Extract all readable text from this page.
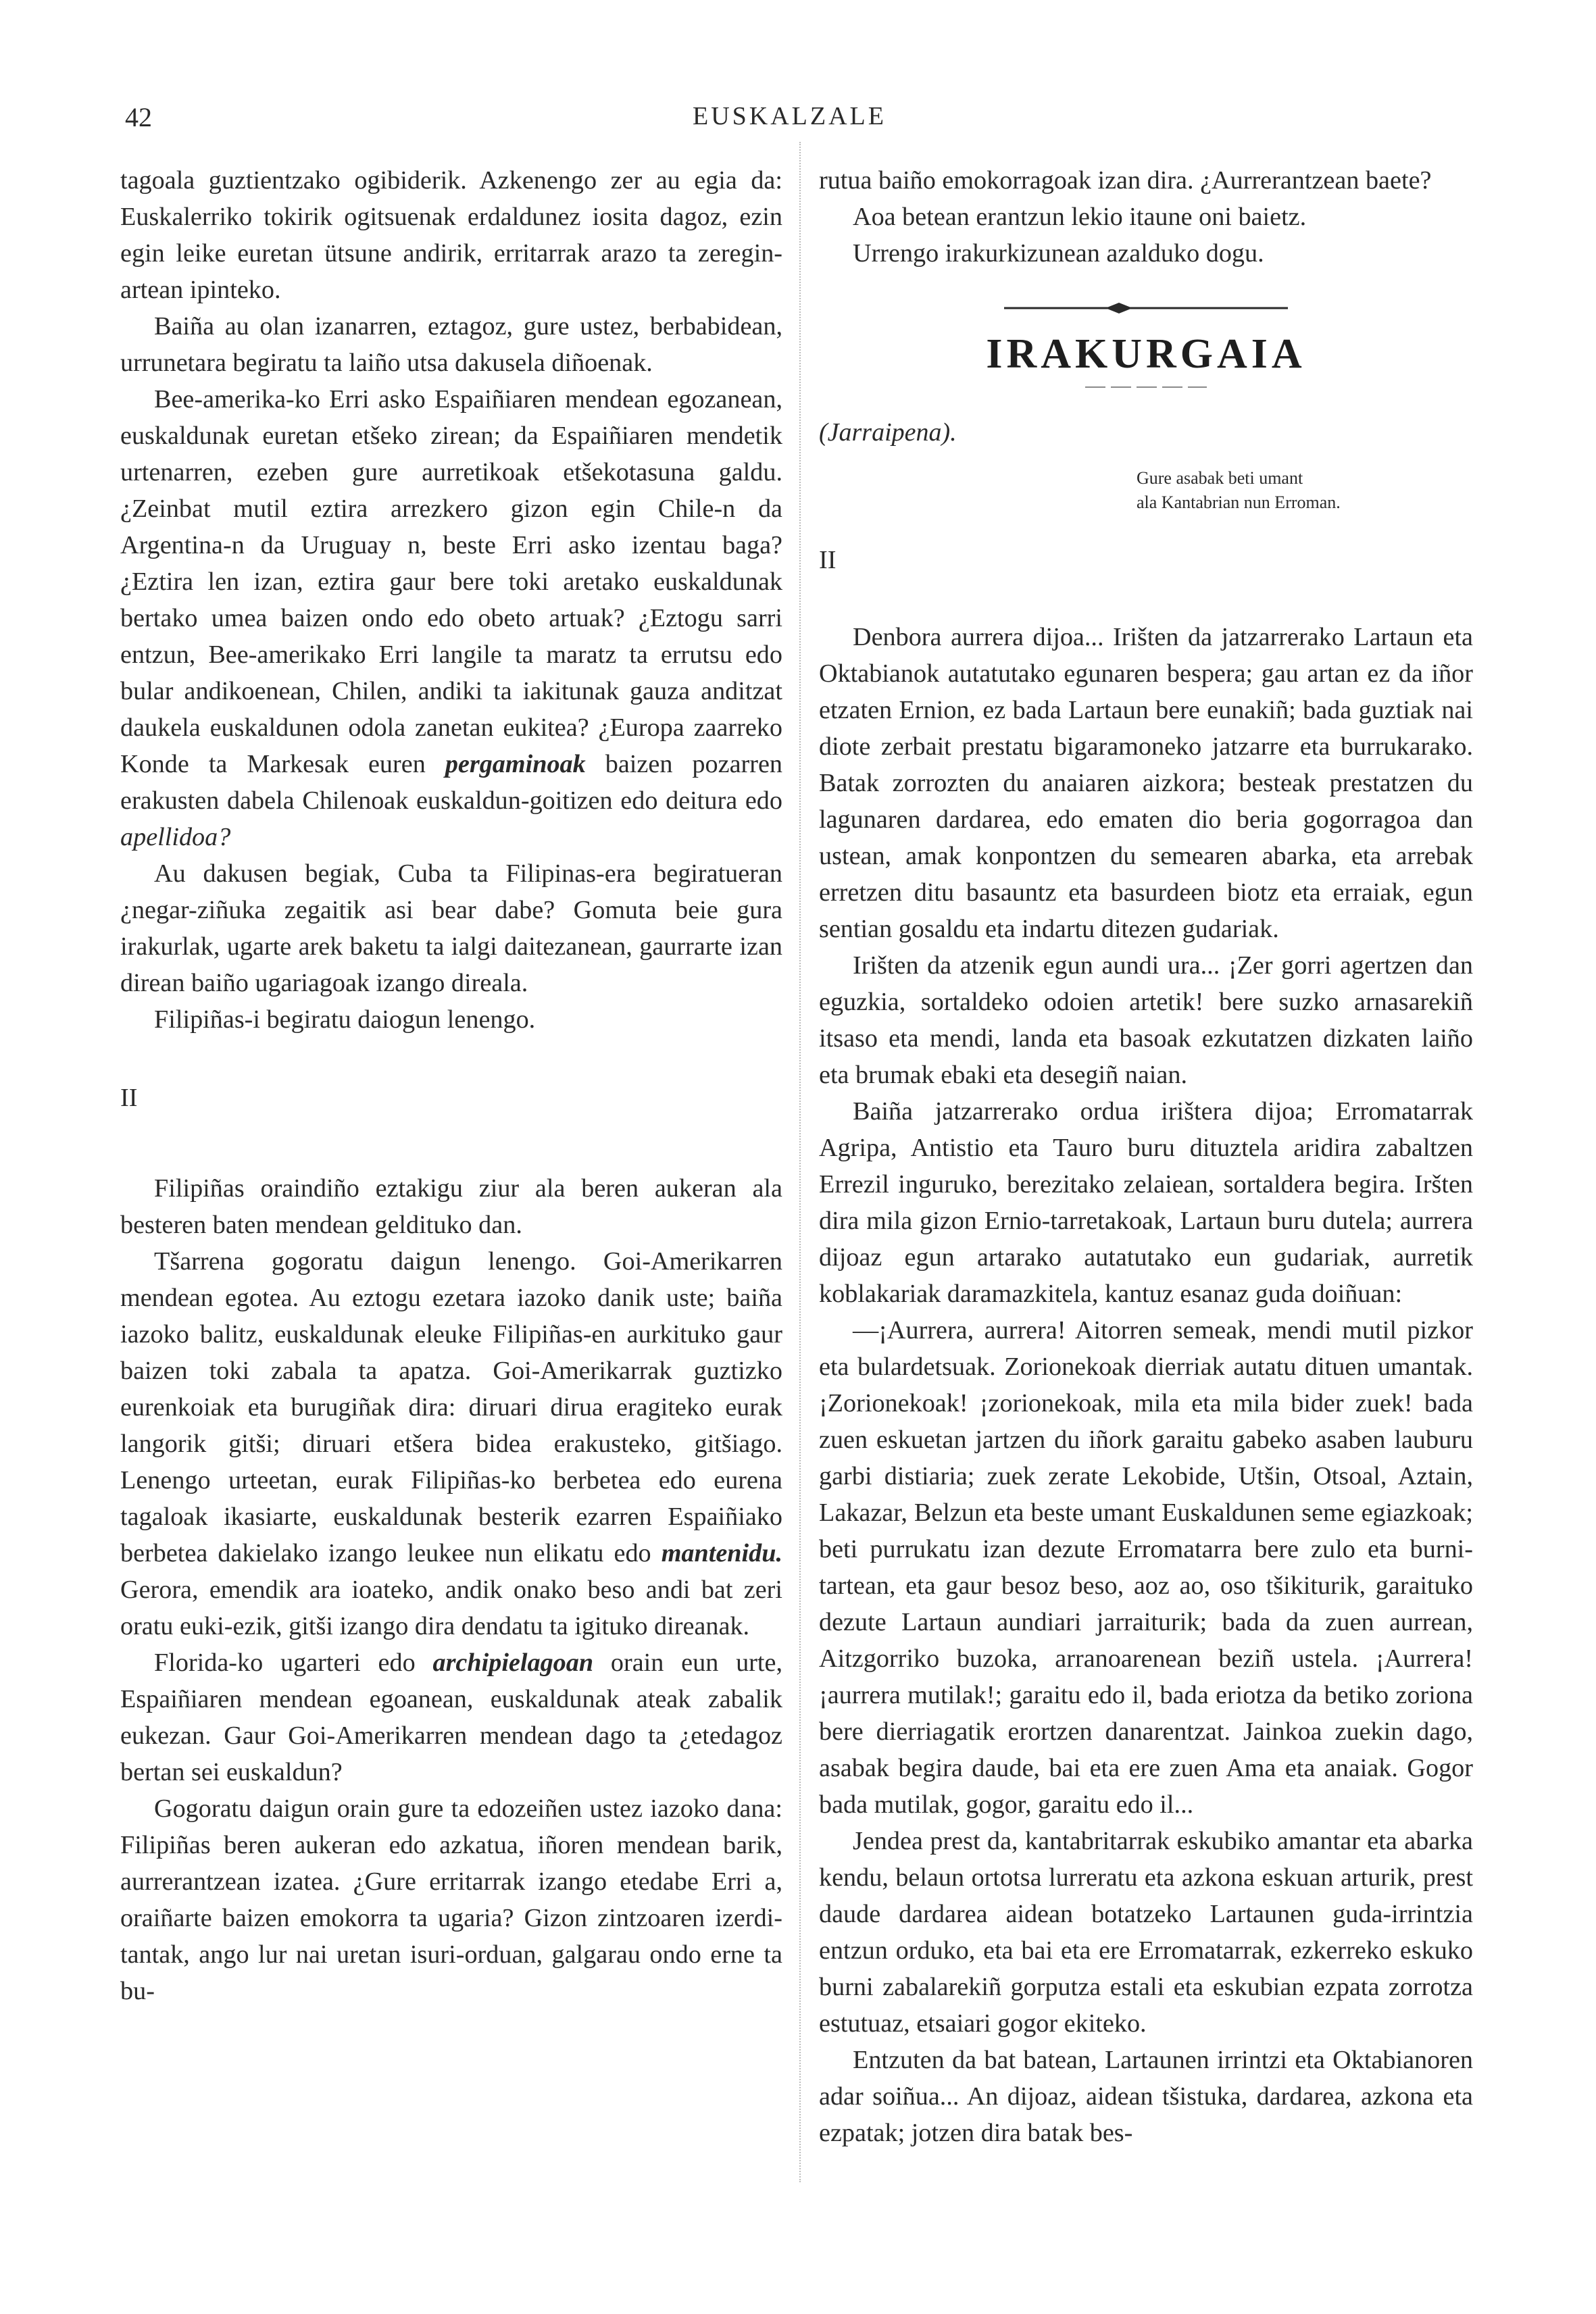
42	EUSKALZALE

tagoala guztientzako ogibiderik. Azkenengo zer au egia da: Euskalerriko tokirik ogitsuenak erdaldunez iosita dagoz, ezin egin leike euretan ütsune andirik, erritarrak arazo ta zeregin-artean ipinteko.

Baiña au olan izanarren, eztagoz, gure ustez, berbabidean, urrunetara begiratu ta laiño utsa dakusela diñoenak.

Bee-amerika-ko Erri asko Espaiñiaren mendean egozanean, euskaldunak euretan etšeko zirean; da Espaiñiaren mendetik urtenarren, ezeben gure aurretikoak etšekotasuna galdu. ¿Zeinbat mutil eztira arrezkero gizon egin Chile-n da Argentina-n da Uruguay n, beste Erri asko izentau baga? ¿Eztira len izan, eztira gaur bere toki aretako euskaldunak bertako umea baizen ondo edo obeto artuak? ¿Eztogu sarri entzun, Bee-amerikako Erri langile ta maratz ta errutsu edo bular andikoenean, Chilen, andiki ta iakitunak gauza anditzat daukela euskaldunen odola zanetan eukitea? ¿Europa zaarreko Konde ta Markesak euren pergaminoak baizen pozarren erakusten dabela Chilenoak euskaldun-goitizen edo deitura edo apellidoa?

Au dakusen begiak, Cuba ta Filipinas-era begiratueran ¿negar-ziñuka zegaitik asi bear dabe? Gomuta beie gura irakurlak, ugarte arek baketu ta ialgi daitezanean, gaurrarte izan direan baiño ugariagoak izango direala.

Filipiñas-i begiratu daiogun lenengo.

II

Filipiñas oraindiño eztakigu ziur ala beren aukeran ala besteren baten mendean gelditukо dan.

Tšarrena gogoratu daigun lenengo. Goi-Amerikarren mendean egotea. Au eztogu ezetara iazoko danik uste; baiña iazoko balitz, euskaldunak eleuke Filipiñas-en aurkituko gaur baizen toki zabala ta apatza. Goi-Amerikarrak guztizko eurenkoiak eta burugiñak dira: diruari dirua eragiteko eurak langorik gitši; diruari etšera bidea erakusteko, gitšiago. Lenengo urteetan, eurak Filipiñas-ko berbetea edo eurena tagaloak ikasiarte, euskaldunak besterik ezarren Espaiñiako berbetea dakielako izango leukee nun elikatu edo mantenidu. Gerora, emendik ara ioateko, andik onako beso andi bat zeri oratu euki-ezik, gitši izango dira dendatu ta igituko direanak.

Florida-ko ugarteri edo archipielagoan orain eun urte, Espaiñiaren mendean egoanean, euskaldunak ateak zabalik eukezan. Gaur Goi-Amerikarren mendean dago ta ¿etedagoz bertan sei euskaldun?

Gogoratu daigun orain gure ta edozeiñen ustez iazoko dana: Filipiñas beren aukeran edo azkatua, iñoren mendean barik, aurrerantzean izatea. ¿Gure erritarrak izango etedabe Erri a, oraiñarte baizen emokorra ta ugaria? Gizon zintzoaren izerdi-tantak, ango lur nai uretan isuri-orduan, galgarau ondo erne ta bu-

rutua baiño emokorragoak izan dira. ¿Aurrerantzean baete?

Aoa betean erantzun lekio itaune oni baietz.

Urrengo irakurkizunean azalduko dogu.

IRAKURGAIA

(Jarraipena).

Gure asabak beti umant
ala Kantabrian nun Erroman.

II

Denbora aurrera dijoa... Irišten da jatzarrerako Lartaun eta Oktabianok autatutako egunaren bespera; gau artan ez da iñor etzaten Ernion, ez bada Lartaun bere eunakiñ; bada guztiak nai diote zerbait prestatu bigaramoneko jatzarre eta burrukarako. Batak zorrozten du anaiaren aizkora; besteak prestatzen du lagunaren dardarea, edo ematen dio beria gogorragoa dan ustean, amak konpontzen du semearen abarka, eta arrebak erretzen ditu basauntz eta basurdeen biotz eta erraiak, egun sentian gosaldu eta indartu ditezen gudariak.

Irišten da atzenik egun aundi ura... ¡Zer gorri agertzen dan eguzkia, sortaldeko odoien artetik! bere suzko arnasarekiñ itsaso eta mendi, landa eta basoak ezkutatzen dizkaten laiño eta brumak ebaki eta desegiñ naian.

Baiña jatzarrerako ordua irištera dijoa; Erromatarrak Agripa, Antistio eta Tauro buru dituztela aridira zabaltzen Errezil inguruko, berezitako zelaiean, sortaldera begira. Iršten dira mila gizon Ernio-tarretakoak, Lartaun buru dutela; aurrera dijoaz egun artarako autatutako eun gudariak, aurretik koblakariak daramazkitela, kantuz esanaz guda doiñuan:

—¡Aurrera, aurrera! Aitorren semeak, mendi mutil pizkor eta bulardetsuak. Zorionekoak dierriak autatu dituen umantak. ¡Zorionekoak! ¡zorionekoak, mila eta mila bider zuek! bada zuen eskuetan jartzen du iñork garaitu gabeko asaben lauburu garbi distiaria; zuek zerate Lekobide, Utšin, Otsoal, Aztain, Lakazar, Belzun eta beste umant Euskaldunen seme egiazkoak; beti purrukatu izan dezute Erromatarra bere zulo eta burni-tartean, eta gaur besoz beso, aoz ao, oso tšikiturik, garaituko dezute Lartaun aundiari jarraiturik; bada da zuen aurrean, Aitzgorriko buzoka, arranoarenean beziñ ustela. ¡Aurrera! ¡aurrera mutilak!; garaitu edo il, bada eriotza da betiko zoriona bere dierriagatik erortzen danarentzat. Jainkoa zuekin dago, asabak begira daude, bai eta ere zuen Ama eta anaiak. Gogor bada mutilak, gogor, garaitu edo il...

Jendea prest da, kantabritarrak eskubiko amantar eta abarka kendu, belaun ortotsa lurreratu eta azkona eskuan arturik, prest daude dardarea aidean botatzeko Lartaunen guda-irrintzia entzun orduko, eta bai eta ere Erromatarrak, ezkerreko eskuko burni zabalarekiñ gorputza estali eta eskubian ezpata zorrotza estutuaz, etsaiari gogor ekiteko.

Entzuten da bat batean, Lartaunen irrintzi eta Oktabianoren adar soiñua... An dijoaz, aidean tšistuka, dardarea, azkona eta ezpatak; jotzen dira batak bes-
